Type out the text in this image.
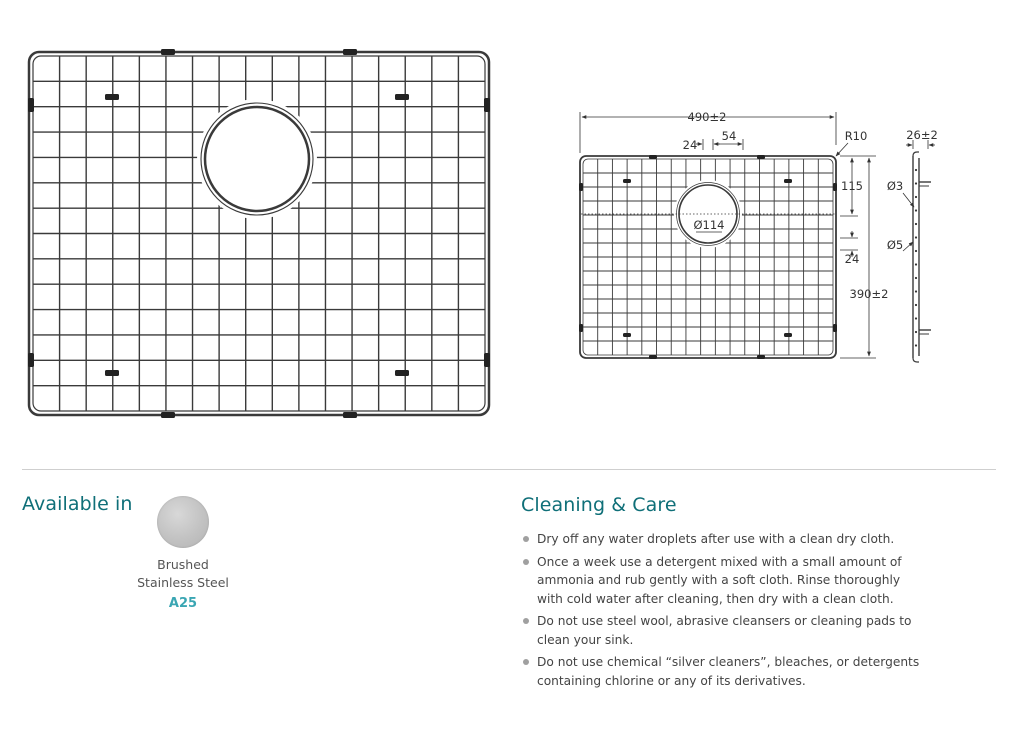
490±2
24
54	R10	26±2
115
24
390±2
Ø114
Ø3
Ø5
Available in
Brushed
Stainless Steel
A25
Cleaning & Care
Dry off any water droplets after use with a clean dry cloth.
Once a week use a detergent mixed with a small amount of ammonia and rub gently with a soft cloth. Rinse thoroughly with cold water after cleaning, then dry with a clean cloth.
Do not use steel wool, abrasive cleansers or cleaning pads to clean your sink.
Do not use chemical “silver cleaners”, bleaches, or detergents containing chlorine or any of its derivatives.
